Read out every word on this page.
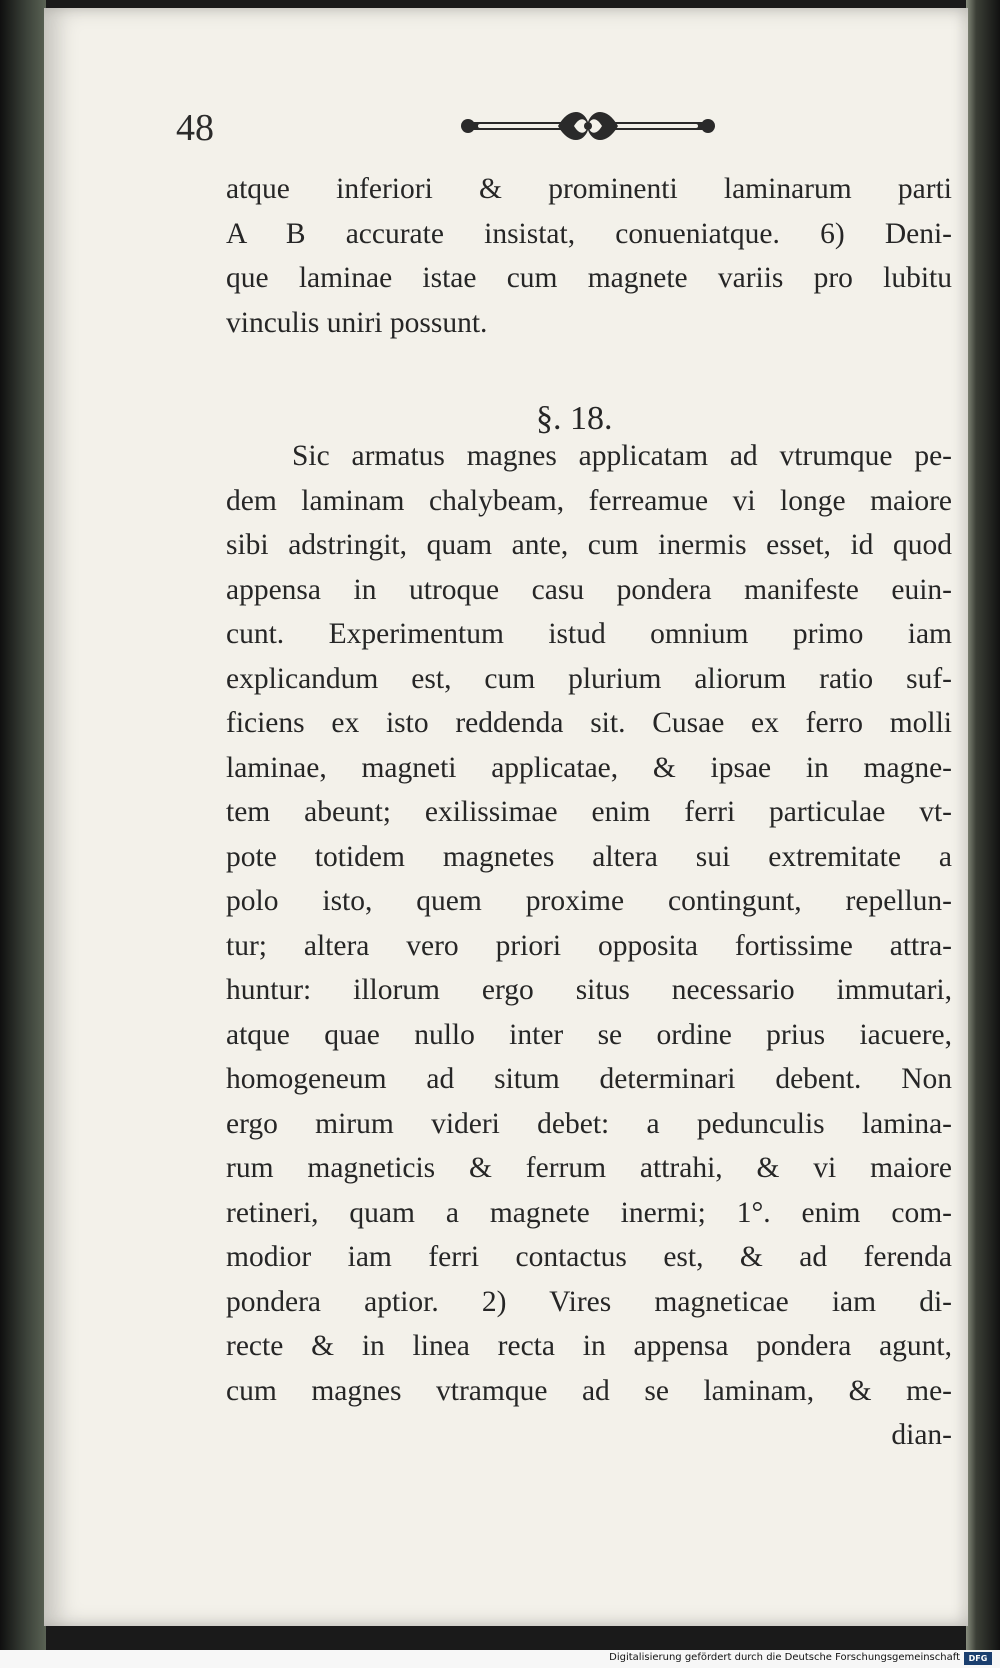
48

atque inferiori & prominenti laminarum parti
A B accurate insistat, conueniatque. 6) Deni-
que laminae istae cum magnete variis pro lubitu
vinculis uniri possunt.
Sic armatus magnes applicatam ad vtrumque pe-
dem laminam chalybeam, ferreamue vi longe maiore
sibi adstringit, quam ante, cum inermis esset, id quod
appensa in utroque casu pondera manifeste euin-
cunt. Experimentum istud omnium primo iam
explicandum est, cum plurium aliorum ratio suf-
ficiens ex isto reddenda sit. Cusae ex ferro molli
laminae, magneti applicatae, & ipsae in magne-
tem abeunt; exilissimae enim ferri particulae vt-
pote totidem magnetes altera sui extremitate a
polo isto, quem proxime contingunt, repellun-
tur; altera vero priori opposita fortissime attra-
huntur: illorum ergo situs necessario immutari,
atque quae nullo inter se ordine prius iacuere,
homogeneum ad situm determinari debent. Non
ergo mirum videri debet: a pedunculis lamina-
rum magneticis & ferrum attrahi, & vi maiore
retineri, quam a magnete inermi; 1°. enim com-
modior iam ferri contactus est, & ad ferenda
pondera aptior. 2) Vires magneticae iam di-
recte & in linea recta in appensa pondera agunt,
cum magnes vtramque ad se laminam, & me-
dian-

§. 18.

Digitalisierung gefördert durch die Deutsche Forschungsgemeinschaft	DFG
